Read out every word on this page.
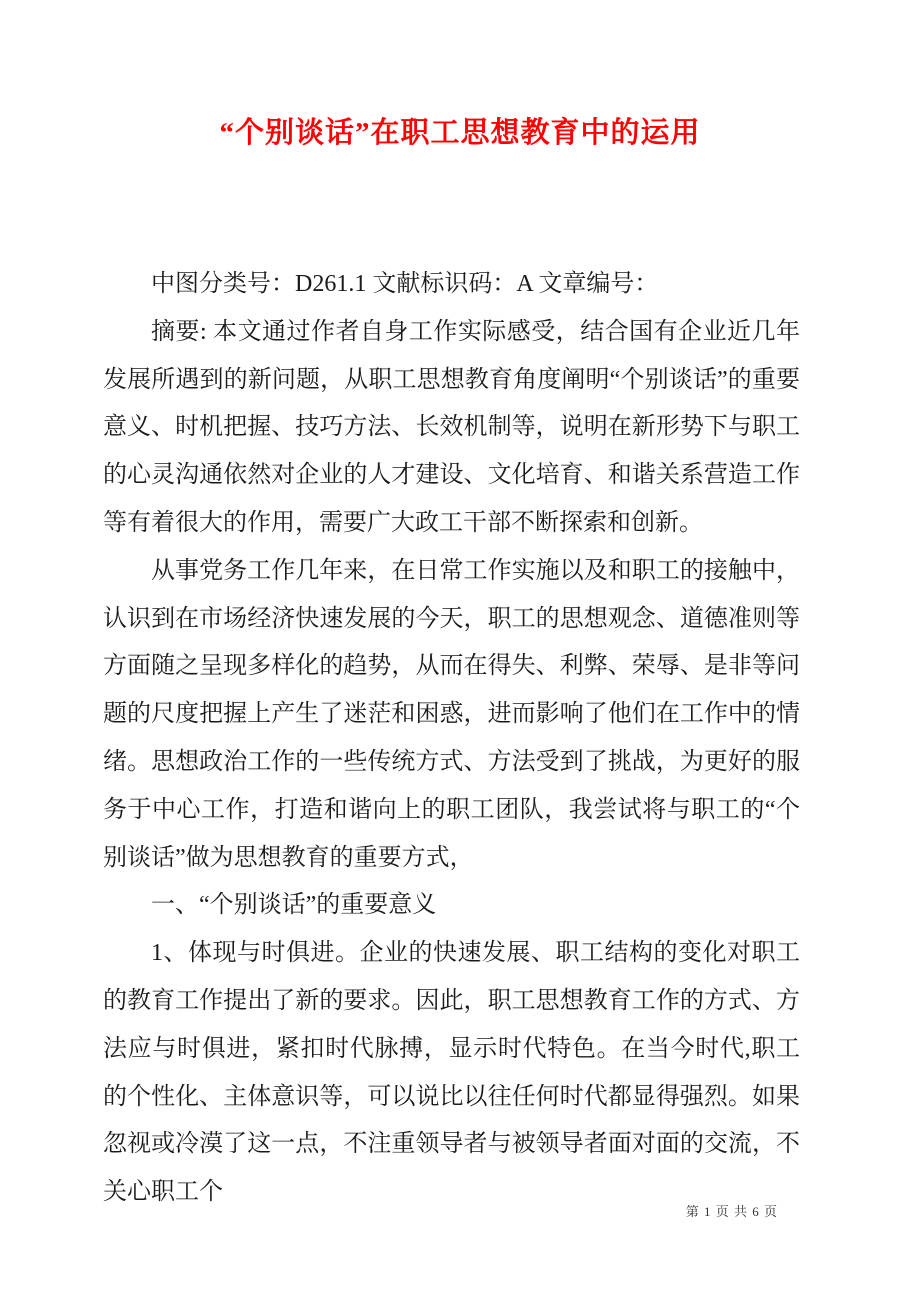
“个别谈话”在职工思想教育中的运用

中图分类号：D261.1 文献标识码：A 文章编号：

摘要: 本文通过作者自身工作实际感受，结合国有企业近几年发展所遇到的新问题，从职工思想教育角度阐明“个别谈话”的重要意义、时机把握、技巧方法、长效机制等，说明在新形势下与职工的心灵沟通依然对企业的人才建设、文化培育、和谐关系营造工作等有着很大的作用，需要广大政工干部不断探索和创新。

从事党务工作几年来，在日常工作实施以及和职工的接触中，认识到在市场经济快速发展的今天，职工的思想观念、道德准则等方面随之呈现多样化的趋势，从而在得失、利弊、荣辱、是非等问题的尺度把握上产生了迷茫和困惑，进而影响了他们在工作中的情绪。思想政治工作的一些传统方式、方法受到了挑战，为更好的服务于中心工作，打造和谐向上的职工团队，我尝试将与职工的“个别谈话”做为思想教育的重要方式，

一、“个别谈话”的重要意义

1、体现与时俱进。企业的快速发展、职工结构的变化对职工的教育工作提出了新的要求。因此，职工思想教育工作的方式、方法应与时俱进，紧扣时代脉搏，显示时代特色。在当今时代,职工的个性化、主体意识等，可以说比以往任何时代都显得强烈。如果忽视或冷漠了这一点，不注重领导者与被领导者面对面的交流，不关心职工个

第 1 页 共 6 页
